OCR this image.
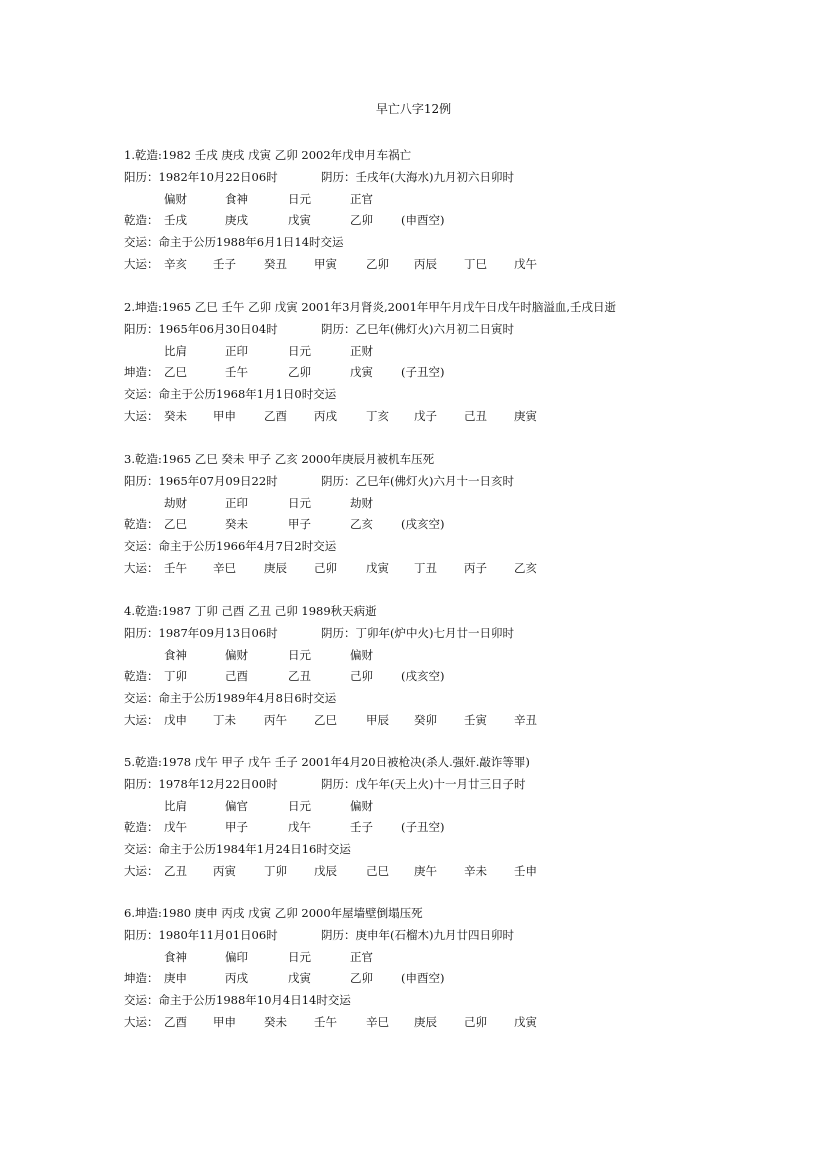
早亡八字12例
1.乾造:1982 壬戌 庚戌 戊寅 乙卯 2002年戊申月车祸亡
阳历：1982年10月22日06时	阴历：壬戌年(大海水)九月初六日卯时
偏财	食神	日元	正官
乾造： 壬戌	庚戌	戊寅	乙卯 (申酉空)
交运：命主于公历1988年6月1日14时交运
大运： 辛亥 壬子 癸丑 甲寅	乙卯 丙辰 丁巳 戊午
2.坤造:1965 乙巳 壬午 乙卯 戊寅 2001年3月肾炎,2001年甲午月戊午日戊午时脑溢血,壬戌日逝
阳历：1965年06月30日04时	阴历：乙巳年(佛灯火)六月初二日寅时
比肩	正印	日元	正财
坤造： 乙巳	壬午	乙卯	戊寅 (子丑空)
交运：命主于公历1968年1月1日0时交运
大运： 癸未 甲申 乙酉 丙戌	丁亥 戊子 己丑 庚寅
3.乾造:1965 乙巳 癸未 甲子 乙亥 2000年庚辰月被机车压死
阳历：1965年07月09日22时	阴历：乙巳年(佛灯火)六月十一日亥时
劫财	正印	日元	劫财
乾造： 乙巳	癸未	甲子	乙亥 (戌亥空)
交运：命主于公历1966年4月7日2时交运
大运： 壬午 辛巳 庚辰 己卯	戊寅 丁丑 丙子 乙亥
4.乾造:1987 丁卯 己酉 乙丑 己卯 1989秋天病逝
阳历：1987年09月13日06时	阴历：丁卯年(炉中火)七月廿一日卯时
食神	偏财	日元	偏财
乾造： 丁卯	己酉	乙丑	己卯 (戌亥空)
交运：命主于公历1989年4月8日6时交运
大运： 戊申 丁未 丙午 乙巳	甲辰 癸卯 壬寅 辛丑
5.乾造:1978 戊午 甲子 戊午 壬子 2001年4月20日被枪决(杀人.强奸.敲诈等罪)
阳历：1978年12月22日00时	阴历：戊午年(天上火)十一月廿三日子时
比肩	偏官	日元	偏财
乾造： 戊午	甲子	戊午	壬子 (子丑空)
交运：命主于公历1984年1月24日16时交运
大运： 乙丑 丙寅 丁卯 戊辰	己巳 庚午 辛未 壬申
6.坤造:1980 庚申 丙戌 戊寅 乙卯 2000年屋墙壁倒塌压死
阳历：1980年11月01日06时	阴历：庚申年(石榴木)九月廿四日卯时
食神	偏印	日元	正官
坤造： 庚申	丙戌	戊寅	乙卯 (申酉空)
交运：命主于公历1988年10月4日14时交运
大运： 乙酉 甲申 癸未 壬午	辛巳 庚辰 己卯 戊寅
